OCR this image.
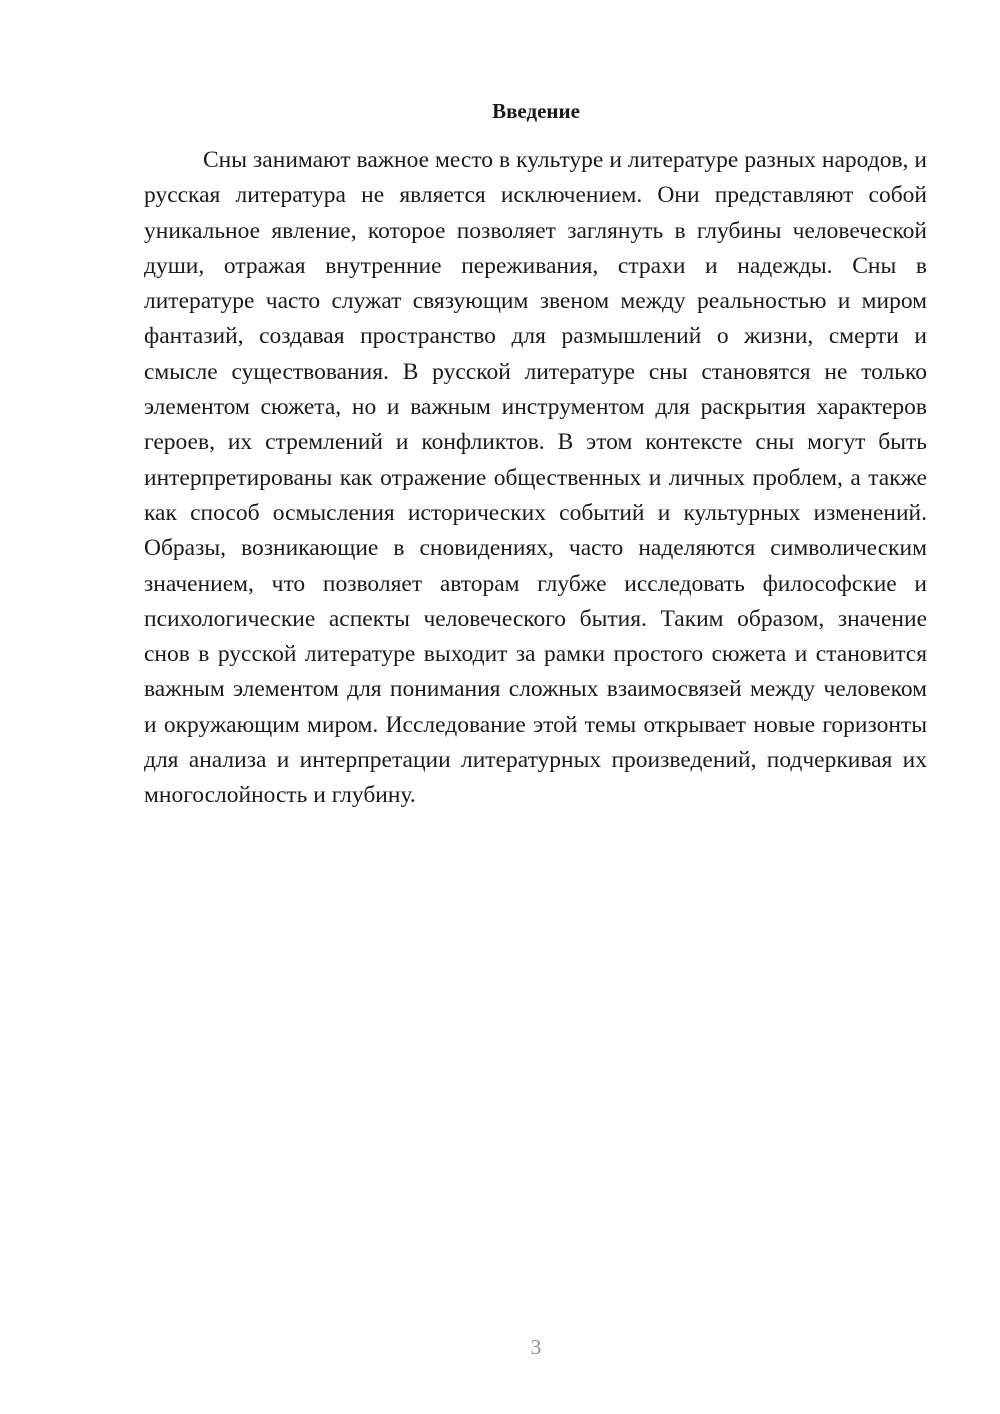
Введение

Сны занимают важное место в культуре и литературе разных народов, и русская литература не является исключением. Они представляют собой уникальное явление, которое позволяет заглянуть в глубины человеческой души, отражая внутренние переживания, страхи и надежды. Сны в литературе часто служат связующим звеном между реальностью и миром фантазий, создавая пространство для размышлений о жизни, смерти и смысле существования. В русской литературе сны становятся не только элементом сюжета, но и важным инструментом для раскрытия характеров героев, их стремлений и конфликтов. В этом контексте сны могут быть интерпретированы как отражение общественных и личных проблем, а также как способ осмысления исторических событий и культурных изменений. Образы, возникающие в сновидениях, часто наделяются символическим значением, что позволяет авторам глубже исследовать философские и психологические аспекты человеческого бытия. Таким образом, значение снов в русской литературе выходит за рамки простого сюжета и становится важным элементом для понимания сложных взаимосвязей между человеком и окружающим миром. Исследование этой темы открывает новые горизонты для анализа и интерпретации литературных произведений, подчеркивая их многослойность и глубину.

3
